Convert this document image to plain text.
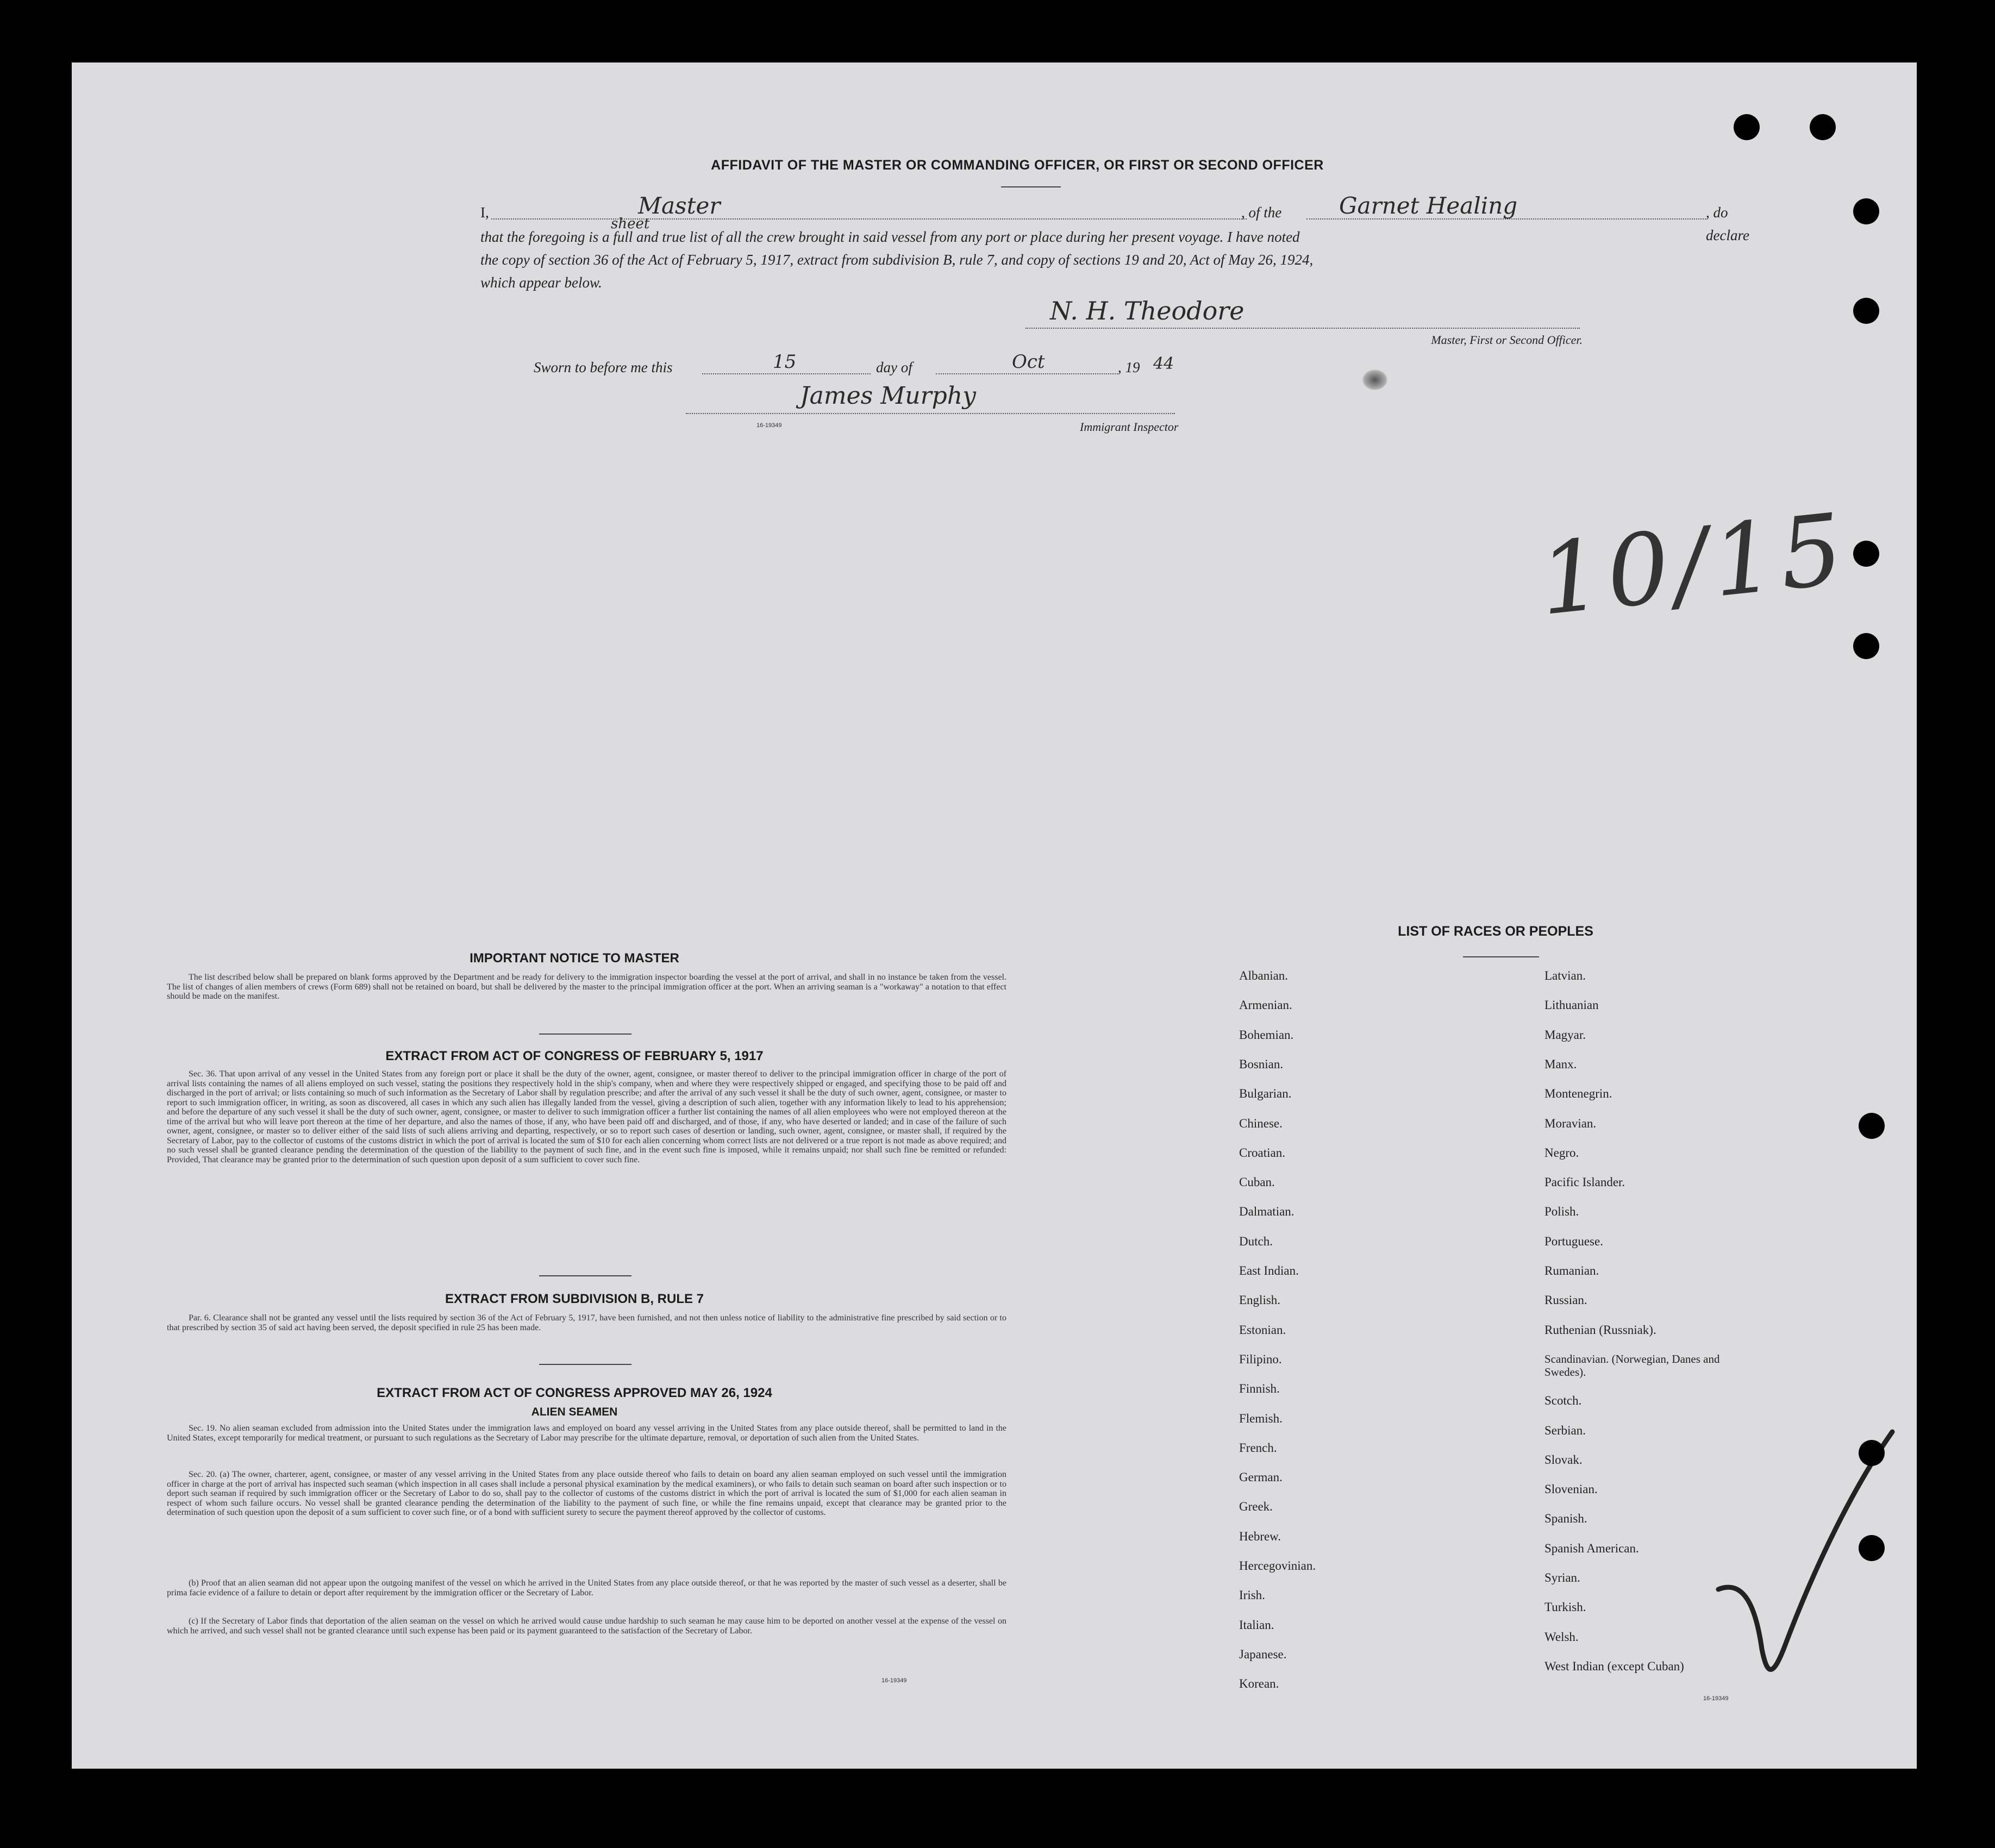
AFFIDAVIT OF THE MASTER OR COMMANDING OFFICER, OR FIRST OR SECOND OFFICER
I,	Master	, of the	Garnet Healing	, do declare
that the foregoing
sheet
is a full and true list of all the crew brought in said vessel from any port or place during her present voyage. I have noted
the copy of section 36 of the Act of February 5, 1917, extract from subdivision B, rule 7, and copy of sections 19 and 20, Act of May 26, 1924,
which appear below.
N. H. Theodore
Master, First or Second Officer.
Sworn to before me this	15	day of	Oct	, 19 44
James Murphy
16-19349	Immigrant Inspector
10/15
IMPORTANT NOTICE TO MASTER
The list described below shall be prepared on blank forms approved by the Department and be ready for delivery to the immigration inspector boarding the vessel at the port of arrival, and shall in no instance be taken from the vessel. The list of changes of alien members of crews (Form 689) shall not be retained on board, but shall be delivered by the master to the principal immigration officer at the port. When an arriving seaman is a "workaway" a notation to that effect should be made on the manifest.
EXTRACT FROM ACT OF CONGRESS OF FEBRUARY 5, 1917
Sec. 36. That upon arrival of any vessel in the United States from any foreign port or place it shall be the duty of the owner, agent, consignee, or master thereof to deliver to the principal immigration officer in charge of the port of arrival lists containing the names of all aliens employed on such vessel, stating the positions they respectively hold in the ship's company, when and where they were respectively shipped or engaged, and specifying those to be paid off and discharged in the port of arrival; or lists containing so much of such information as the Secretary of Labor shall by regulation prescribe; and after the arrival of any such vessel it shall be the duty of such owner, agent, consignee, or master to report to such immigration officer, in writing, as soon as discovered, all cases in which any such alien has illegally landed from the vessel, giving a description of such alien, together with any information likely to lead to his apprehension; and before the departure of any such vessel it shall be the duty of such owner, agent, consignee, or master to deliver to such immigration officer a further list containing the names of all alien employees who were not employed thereon at the time of the arrival but who will leave port thereon at the time of her departure, and also the names of those, if any, who have been paid off and discharged, and of those, if any, who have deserted or landed; and in case of the failure of such owner, agent, consignee, or master so to deliver either of the said lists of such aliens arriving and departing, respectively, or so to report such cases of desertion or landing, such owner, agent, consignee, or master shall, if required by the Secretary of Labor, pay to the collector of customs of the customs district in which the port of arrival is located the sum of $10 for each alien concerning whom correct lists are not delivered or a true report is not made as above required; and no such vessel shall be granted clearance pending the determination of the question of the liability to the payment of such fine, and in the event such fine is imposed, while it remains unpaid; nor shall such fine be remitted or refunded: Provided, That clearance may be granted prior to the determination of such question upon deposit of a sum sufficient to cover such fine.
EXTRACT FROM SUBDIVISION B, RULE 7
Par. 6. Clearance shall not be granted any vessel until the lists required by section 36 of the Act of February 5, 1917, have been furnished, and not then unless notice of liability to the administrative fine prescribed by said section or to that prescribed by section 35 of said act having been served, the deposit specified in rule 25 has been made.
EXTRACT FROM ACT OF CONGRESS APPROVED MAY 26, 1924
ALIEN SEAMEN
Sec. 19. No alien seaman excluded from admission into the United States under the immigration laws and employed on board any vessel arriving in the United States from any place outside thereof, shall be permitted to land in the United States, except temporarily for medical treatment, or pursuant to such regulations as the Secretary of Labor may prescribe for the ultimate departure, removal, or deportation of such alien from the United States.
Sec. 20. (a) The owner, charterer, agent, consignee, or master of any vessel arriving in the United States from any place outside thereof who fails to detain on board any alien seaman employed on such vessel until the immigration officer in charge at the port of arrival has inspected such seaman (which inspection in all cases shall include a personal physical examination by the medical examiners), or who fails to detain such seaman on board after such inspection or to deport such seaman if required by such immigration officer or the Secretary of Labor to do so, shall pay to the collector of customs of the customs district in which the port of arrival is located the sum of $1,000 for each alien seaman in respect of whom such failure occurs. No vessel shall be granted clearance pending the determination of the liability to the payment of such fine, or while the fine remains unpaid, except that clearance may be granted prior to the determination of such question upon the deposit of a sum sufficient to cover such fine, or of a bond with sufficient surety to secure the payment thereof approved by the collector of customs.
(b) Proof that an alien seaman did not appear upon the outgoing manifest of the vessel on which he arrived in the United States from any place outside thereof, or that he was reported by the master of such vessel as a deserter, shall be prima facie evidence of a failure to detain or deport after requirement by the immigration officer or the Secretary of Labor.
(c) If the Secretary of Labor finds that deportation of the alien seaman on the vessel on which he arrived would cause undue hardship to such seaman he may cause him to be deported on another vessel at the expense of the vessel on which he arrived, and such vessel shall not be granted clearance until such expense has been paid or its payment guaranteed to the satisfaction of the Secretary of Labor.
16-19349
LIST OF RACES OR PEOPLES
Albanian.
Armenian.
Bohemian.
Bosnian.
Bulgarian.
Chinese.
Croatian.
Cuban.
Dalmatian.
Dutch.
East Indian.
English.
Estonian.
Filipino.
Finnish.
Flemish.
French.
German.
Greek.
Hebrew.
Hercegovinian.
Irish.
Italian.
Japanese.
Korean.
Latvian.
Lithuanian
Magyar.
Manx.
Montenegrin.
Moravian.
Negro.
Pacific Islander.
Polish.
Portuguese.
Rumanian.
Russian.
Ruthenian (Russniak).
Scandinavian. (Norwegian, Danes and Swedes).
Scotch.
Serbian.
Slovak.
Slovenian.
Spanish.
Spanish American.
Syrian.
Turkish.
Welsh.
West Indian (except Cuban)
16-19349
